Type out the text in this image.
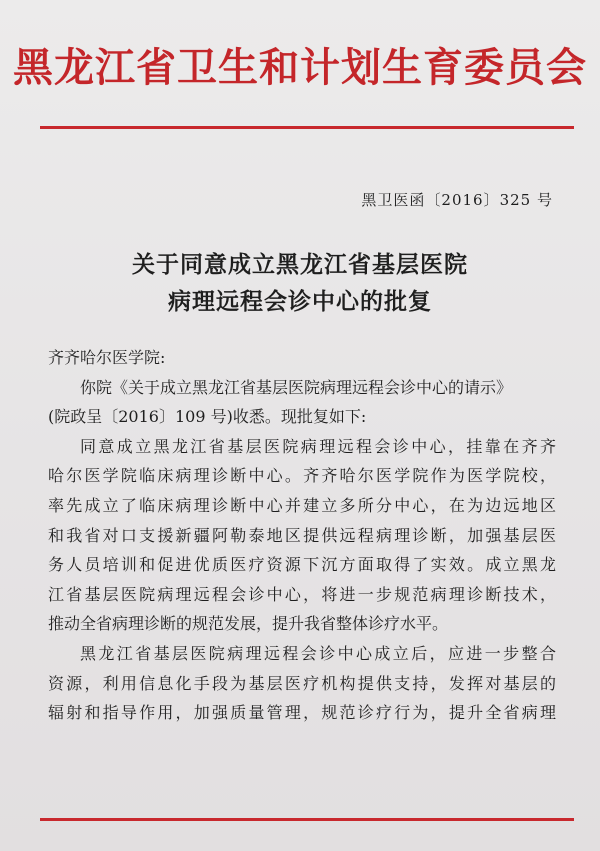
黑龙江省卫生和计划生育委员会
黑卫医函〔2016〕325 号
关于同意成立黑龙江省基层医院
病理远程会诊中心的批复
齐齐哈尔医学院:
你院《关于成立黑龙江省基层医院病理远程会诊中心的请示》
(院政呈〔2016〕109 号)收悉。现批复如下:
同意成立黑龙江省基层医院病理远程会诊中心，挂靠在齐齐
哈尔医学院临床病理诊断中心。齐齐哈尔医学院作为医学院校，
率先成立了临床病理诊断中心并建立多所分中心，在为边远地区
和我省对口支援新疆阿勒泰地区提供远程病理诊断，加强基层医
务人员培训和促进优质医疗资源下沉方面取得了实效。成立黑龙
江省基层医院病理远程会诊中心，将进一步规范病理诊断技术，
推动全省病理诊断的规范发展，提升我省整体诊疗水平。
黑龙江省基层医院病理远程会诊中心成立后，应进一步整合
资源，利用信息化手段为基层医疗机构提供支持，发挥对基层的
辐射和指导作用，加强质量管理，规范诊疗行为，提升全省病理
